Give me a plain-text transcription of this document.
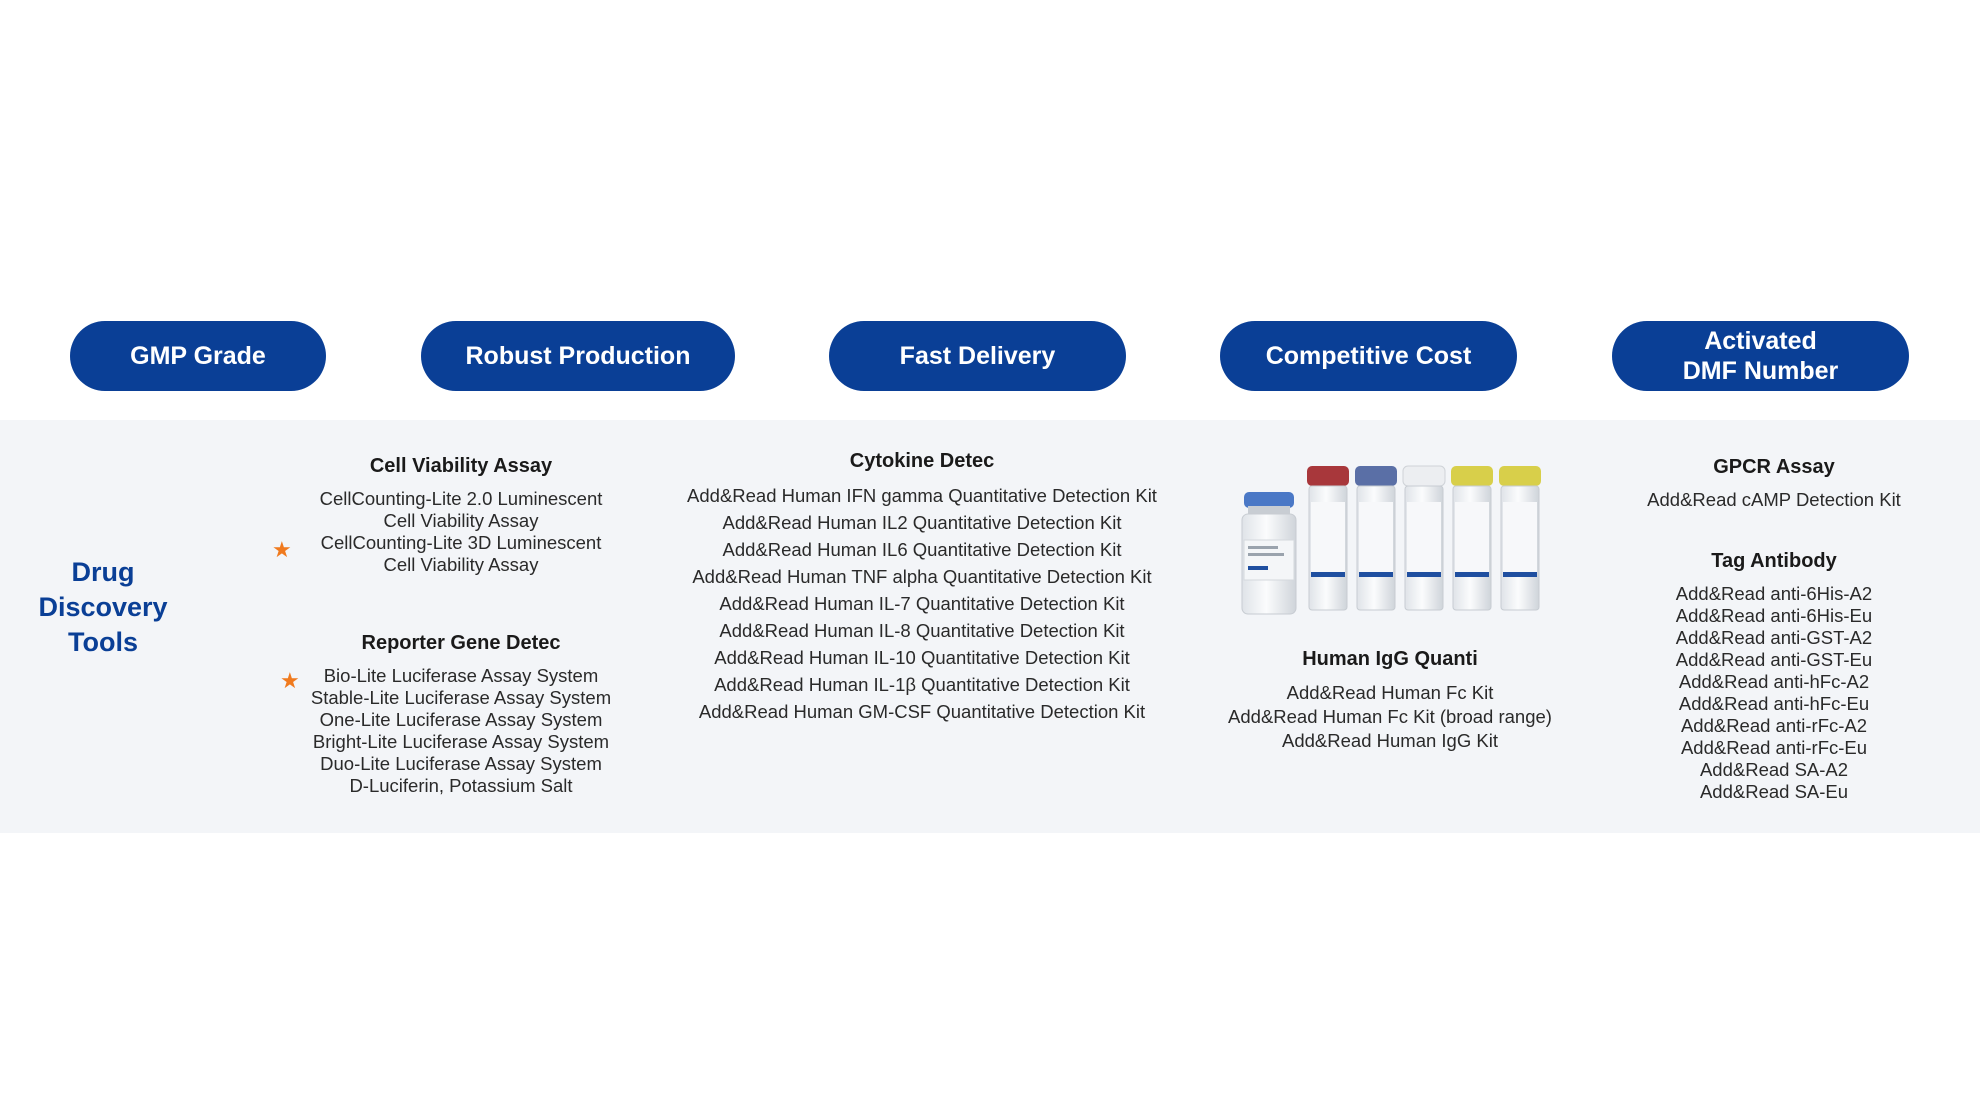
GMP Grade	Robust Production	Fast Delivery	Competitive Cost
Activated
DMF Number
Drug
Discovery
Tools
Cell Viability Assay
CellCounting-Lite 2.0 Luminescent
Cell Viability Assay
CellCounting-Lite 3D Luminescent
Cell Viability Assay
★
Reporter Gene Detec
Bio-Lite Luciferase Assay System
Stable-Lite Luciferase Assay System
One-Lite Luciferase Assay System
Bright-Lite Luciferase Assay System
Duo-Lite Luciferase Assay System
D-Luciferin, Potassium Salt
★
Cytokine Detec
Add&Read Human IFN gamma Quantitative Detection Kit
Add&Read Human IL2 Quantitative Detection Kit
Add&Read Human IL6 Quantitative Detection Kit
Add&Read Human TNF alpha Quantitative Detection Kit
Add&Read Human IL-7 Quantitative Detection Kit
Add&Read Human IL-8 Quantitative Detection Kit
Add&Read Human IL-10 Quantitative Detection Kit
Add&Read Human IL-1β Quantitative Detection Kit
Add&Read Human GM-CSF Quantitative Detection Kit
Human IgG Quanti
Add&Read Human Fc Kit
Add&Read Human Fc Kit (broad range)
Add&Read Human IgG Kit
GPCR Assay
Add&Read cAMP Detection Kit
Tag Antibody
Add&Read anti-6His-A2
Add&Read anti-6His-Eu
Add&Read anti-GST-A2
Add&Read anti-GST-Eu
Add&Read anti-hFc-A2
Add&Read anti-hFc-Eu
Add&Read anti-rFc-A2
Add&Read anti-rFc-Eu
Add&Read SA-A2
Add&Read SA-Eu
